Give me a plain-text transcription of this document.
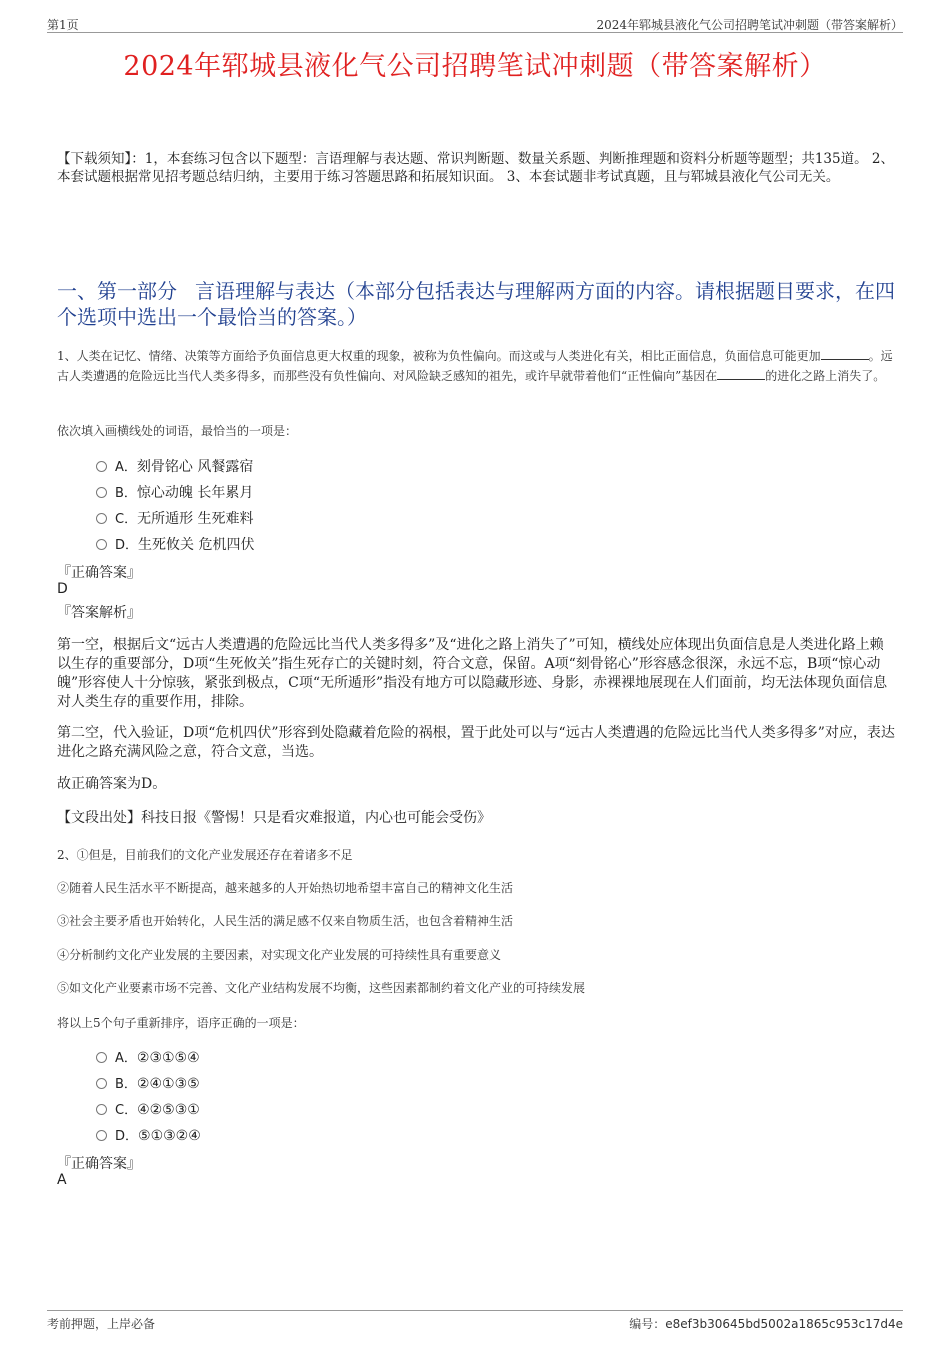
第1页	2024年郓城县液化气公司招聘笔试冲刺题（带答案解析）
2024年郓城县液化气公司招聘笔试冲刺题（带答案解析）
【下载须知】：1，本套练习包含以下题型：言语理解与表达题、常识判断题、数量关系题、判断推理题和资料分析题等题型；共135道。 2、本套试题根据常见招考题总结归纳，主要用于练习答题思路和拓展知识面。 3、本套试题非考试真题，且与郓城县液化气公司无关。
一、第一部分 言语理解与表达（本部分包括表达与理解两方面的内容。请根据题目要求，在四个选项中选出一个最恰当的答案。）
1、人类在记忆、情绪、决策等方面给予负面信息更大权重的现象，被称为负性偏向。而这或与人类进化有关，相比正面信息，负面信息可能更加	。远古人类遭遇的危险远比当代人类多得多，而那些没有负性偏向、对风险缺乏感知的祖先，或许早就带着他们“正性偏向”基因在	的进化之路上消失了。
依次填入画横线处的词语，最恰当的一项是：
A．刻骨铭心 风餐露宿
B．惊心动魄 长年累月
C．无所遁形 生死难料
D．生死攸关 危机四伏
『正确答案』
D
『答案解析』
第一空，根据后文“远古人类遭遇的危险远比当代人类多得多”及“进化之路上消失了”可知，横线处应体现出负面信息是人类进化路上赖以生存的重要部分，D项“生死攸关”指生死存亡的关键时刻，符合文意，保留。A项“刻骨铭心”形容感念很深，永远不忘，B项“惊心动魄”形容使人十分惊骇，紧张到极点，C项“无所遁形”指没有地方可以隐藏形迹、身影，赤裸裸地展现在人们面前，均无法体现负面信息对人类生存的重要作用，排除。
第二空，代入验证，D项“危机四伏”形容到处隐藏着危险的祸根，置于此处可以与“远古人类遭遇的危险远比当代人类多得多”对应，表达进化之路充满风险之意，符合文意，当选。
故正确答案为D。
【文段出处】科技日报《警惕！只是看灾难报道，内心也可能会受伤》
2、①但是，目前我们的文化产业发展还存在着诸多不足
②随着人民生活水平不断提高，越来越多的人开始热切地希望丰富自己的精神文化生活
③社会主要矛盾也开始转化，人民生活的满足感不仅来自物质生活，也包含着精神生活
④分析制约文化产业发展的主要因素，对实现文化产业发展的可持续性具有重要意义
⑤如文化产业要素市场不完善、文化产业结构发展不均衡，这些因素都制约着文化产业的可持续发展
将以上5个句子重新排序，语序正确的一项是：
A．②③①⑤④
B．②④①③⑤
C．④②⑤③①
D．⑤①③②④
『正确答案』
A
考前押题，上岸必备	编号：e8ef3b30645bd5002a1865c953c17d4e
